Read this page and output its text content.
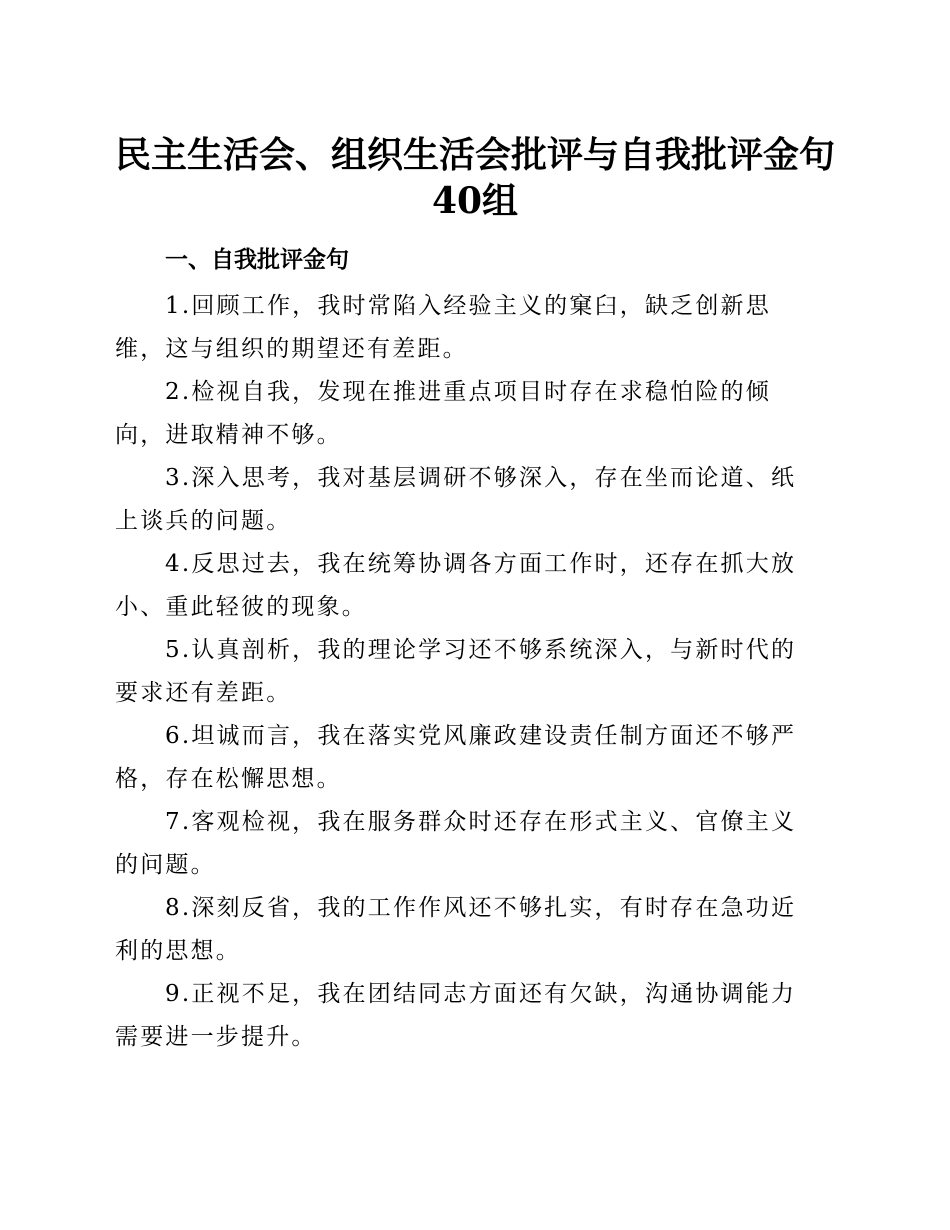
民主生活会、组织生活会批评与自我批评金句
40组
一、自我批评金句
1.回顾工作，我时常陷入经验主义的窠臼，缺乏创新思维，这与组织的期望还有差距。
2.检视自我，发现在推进重点项目时存在求稳怕险的倾向，进取精神不够。
3.深入思考，我对基层调研不够深入，存在坐而论道、纸上谈兵的问题。
4.反思过去，我在统筹协调各方面工作时，还存在抓大放小、重此轻彼的现象。
5.认真剖析，我的理论学习还不够系统深入，与新时代的要求还有差距。
6.坦诚而言，我在落实党风廉政建设责任制方面还不够严格，存在松懈思想。
7.客观检视，我在服务群众时还存在形式主义、官僚主义的问题。
8.深刻反省，我的工作作风还不够扎实，有时存在急功近利的思想。
9.正视不足，我在团结同志方面还有欠缺，沟通协调能力需要进一步提升。
